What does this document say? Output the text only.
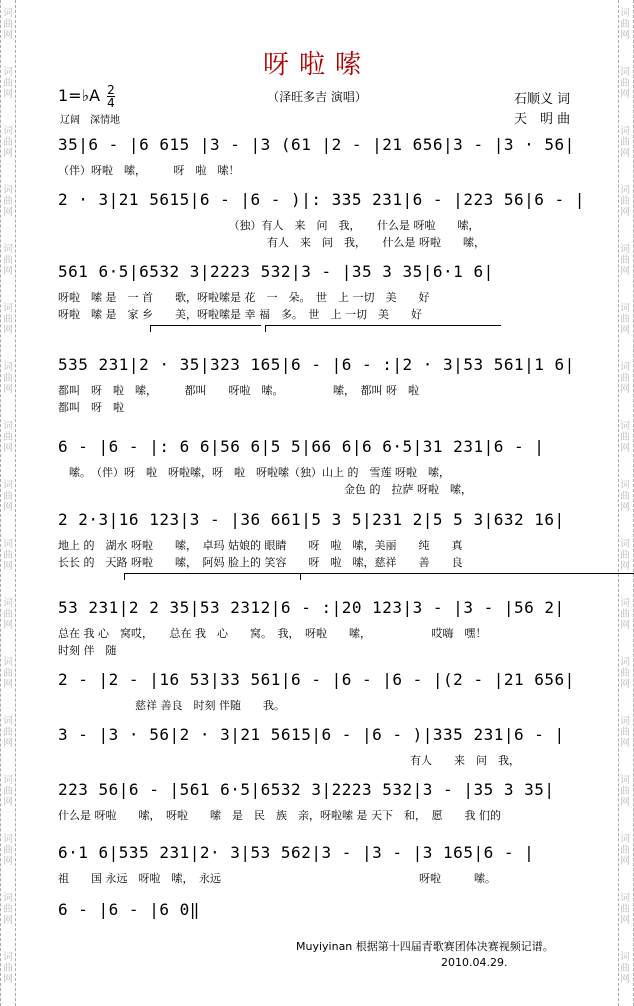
词
曲
网
词
曲
网
词
曲
网
词
曲
网
词
曲
网
词
曲
网
词
曲
网
词
曲
网
词
曲
网
词
曲
网
词
曲
网
词
曲
网
词
曲
网
词
曲
网
词
曲
网
词
曲
网
词
曲
网
词
曲
网
词
曲
网
词
曲
网
词
曲
网
词
曲
网
词
曲
网
词
曲
网
词
曲
网
词
曲
网
词
曲
网
词
曲
网
词
曲
网
词
曲
网
词
曲
网
词
曲
网
词
曲
网
词
曲
网
呀啦嗦
（泽旺多吉 演唱）
1=♭A $\frac{2}{4}$	石顺义 词
天　明 曲
辽阔　深情地
35|6 - |6 615 |3 - |3 (61 |2 - |21 656|3 - |3 · 56|
（伴）呀啦　嗦，　　　呀　啦　嗦！
2 · 3|21 5615|6 - |6 - )|: 335 231|6 - |223 56|6 - |
　　　　　　　　　　　　　　　　（独）有人　来　问　我，　　什么是 呀啦　　嗦，
　　　　　　　　　　　　　　　　　　　有人　来　问　我，　　什么是 呀啦　　嗦，
561 6·5|6532 3|2223 532|3 - |35 3 35|6·1 6|
呀啦　嗦 是　一 首　　歌，呀啦嗦是 花　一　朵。　世　上 一切　美　　好
呀啦　嗦 是　家 乡　　美，呀啦嗦是 幸 福　多。　世　上 一切　美　　好
535 231|2 · 35|323 165|6 - |6 - :|2 · 3|53 561|1 6|
都叫　呀　啦　嗦，　　　都叫　　呀啦　嗦。　　　　　嗦，　都叫 呀　啦
都叫　呀　啦
6 - |6 - |: 6 6|56 6|5 5|66 6|6 6·5|31 231|6 - |
　嗦。　（伴）呀　啦　呀啦嗦，呀　啦　呀啦嗦（独）山上 的　雪莲 呀啦　嗦，
　　　　　　　　　　　　　　　　　　　　　　　　　　金色 的　拉萨 呀啦　嗦，
2 2·3|16 123|3 - |36 661|5 3 5|231 2|5 5 3|632 16|
地上 的　湖水 呀啦　　嗦，　卓玛 姑娘的 眼睛　　呀　啦　嗦，美丽　　纯　　真
长长 的　天路 呀啦　　嗦，　阿妈 脸上的 笑容　　呀　啦　嗦，慈祥　　善　　良
53 231|2 2 35|53 2312|6 - :|20 123|3 - |3 - |56 2|
总在 我 心　窝哎，　　总在 我　心　　窝。　我，　呀啦　　嗦，　　　　　　哎嗨　嘿！
时刻 伴　随
2 - |2 - |16 53|33 561|6 - |6 - |6 - |(2 - |21 656|
　　　　　　　慈祥 善良　时刻 伴随　　我。
3 - |3 · 56|2 · 3|21 5615|6 - |6 - )|335 231|6 - |
　　　　　　　　　　　　　　　　　　　　　　　　　　　　　　　　有人　　来　问　我，
223 56|6 - |561 6·5|6532 3|2223 532|3 - |35 3 35|
什么是 呀啦　　嗦，　呀啦　　嗦　是　民　族　亲，呀啦嗦 是 天下　和，　愿　　我 们的
6·1 6|535 231|2· 3|53 562|3 - |3 - |3 165|6 - |
祖　　国 永远　呀啦　嗦，　永远　　　　　　　　　　　　　　　　　　呀啦　　　嗦。
6 - |6 - |6 0‖
Muyiyinan 根据第十四届青歌赛团体决赛视频记谱。
2010.04.29.
